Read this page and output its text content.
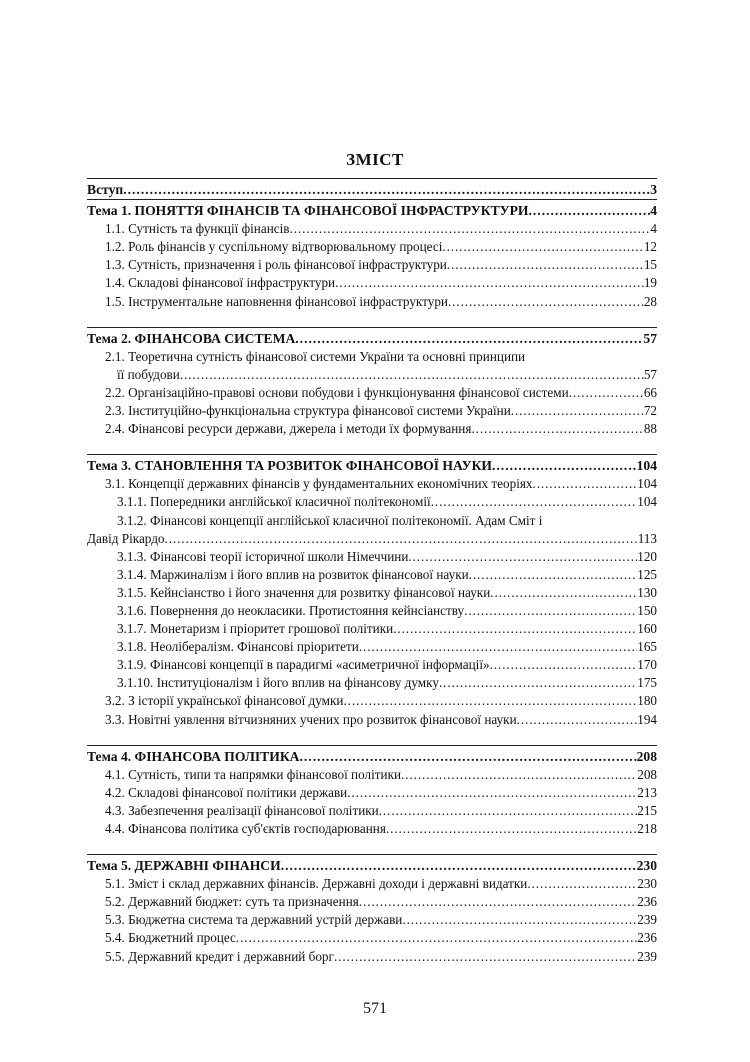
ЗМІСТ
Вступ . . .	3
Тема 1. ПОНЯТТЯ ФІНАНСІВ ТА ФІНАНСОВОЇ ІНФРАСТРУКТУРИ . . .	4
1.1. Сутність та функції фінансів . . .	4
1.2. Роль фінансів у суспільному відтворювальному процесі . . .	12
1.3. Сутність, призначення і роль фінансової інфраструктури . . .	15
1.4. Складові фінансової інфраструктури . . .	19
1.5. Інструментальне наповнення фінансової інфраструктури . . .	28
Тема 2. ФІНАНСОВА СИСТЕМА . . .	57
2.1. Теоретична сутність фінансової системи України та основні принципи
її побудови . . .	57
2.2. Організаційно-правові основи побудови і функціонування фінансової системи . . .	66
2.3. Інституційно-функціональна структура фінансової системи України . . .	72
2.4. Фінансові ресурси держави, джерела і методи їх формування . . .	88
Тема 3. СТАНОВЛЕННЯ ТА РОЗВИТОК ФІНАНСОВОЇ НАУКИ . . .	104
3.1. Концепції державних фінансів у фундаментальних економічних теоріях . . .	104
3.1.1. Попередники англійської класичної політекономії . . .	104
3.1.2. Фінансові концепції англійської класичної політекономії. Адам Сміт і
Давід Рікардо . . .	113
3.1.3. Фінансові теорії історичної школи Німеччини . . .	120
3.1.4. Маржиналізм і його вплив на розвиток фінансової науки . . .	125
3.1.5. Кейнсіанство і його значення для розвитку фінансової науки . . .	130
3.1.6. Повернення до неокласики. Протистояння кейнсіанству . . .	150
3.1.7. Монетаризм і пріоритет грошової політики . . .	160
3.1.8. Неолібералізм. Фінансові пріоритети . . .	165
3.1.9. Фінансові концепції в парадигмі «асиметричної інформації» . . .	170
3.1.10. Інституціоналізм і його вплив на фінансову думку . . .	175
3.2. З історії української фінансової думки . . .	180
3.3. Новітні уявлення вітчизняних учених про розвиток фінансової науки . . .	194
Тема 4. ФІНАНСОВА ПОЛІТИКА . . .	208
4.1. Сутність, типи та напрямки фінансової політики . . .	208
4.2. Складові фінансової політики держави . . .	213
4.3. Забезпечення реалізації фінансової політики . . .	215
4.4. Фінансова політика суб'єктів господарювання . . .	218
Тема 5. ДЕРЖАВНІ ФІНАНСИ . . .	230
5.1. Зміст і склад державних фінансів. Державні доходи і державні видатки . . .	230
5.2. Державний бюджет: суть та призначення . . .	236
5.3. Бюджетна система та державний устрій держави . . .	239
5.4. Бюджетний процес . . .	236
5.5. Державний кредит і державний борг . . .	239
571
